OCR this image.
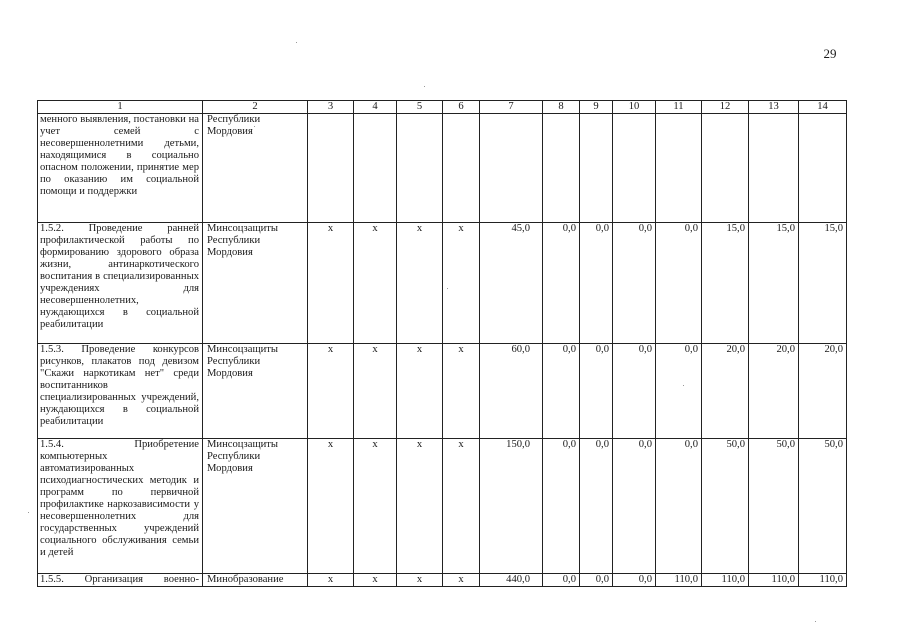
29
1	2	3	4	5	6	7	8	9	10	11	12	13	14
менного выявления, постановки на учет семей с несовершеннолетними детьми, находящимися в социально опасном положении, принятие мер по оказанию им социальной помощи и поддержки	Республики Мордовия												
1.5.2. Проведение ранней профилактической работы по формированию здорового образа жизни, антинаркотического воспитания в специализированных учреждениях для несовершеннолетних, нуждающихся в социальной реабилитации	Минсоцзащиты Республики Мордовия	х	х	х	х	45,0	0,0	0,0	0,0	0,0	15,0	15,0	15,0
1.5.3. Проведение конкурсов рисунков, плакатов под девизом "Скажи наркотикам нет" среди воспитанников специализированных учреждений, нуждающихся в социальной реабилитации	Минсоцзащиты Республики Мордовия	х	х	х	х	60,0	0,0	0,0	0,0	0,0	20,0	20,0	20,0
1.5.4. Приобретение компьютерных автоматизированных психодиагностических методик и программ по первичной профилактике наркозависимости у несовершеннолетних для государственных учреждений социального обслуживания семьи и детей	Минсоцзащиты Республики Мордовия	х	х	х	х	150,0	0,0	0,0	0,0	0,0	50,0	50,0	50,0
1.5.5. Организация военно-	Минобразование	х	х	х	х	440,0	0,0	0,0	0,0	110,0	110,0	110,0	110,0
